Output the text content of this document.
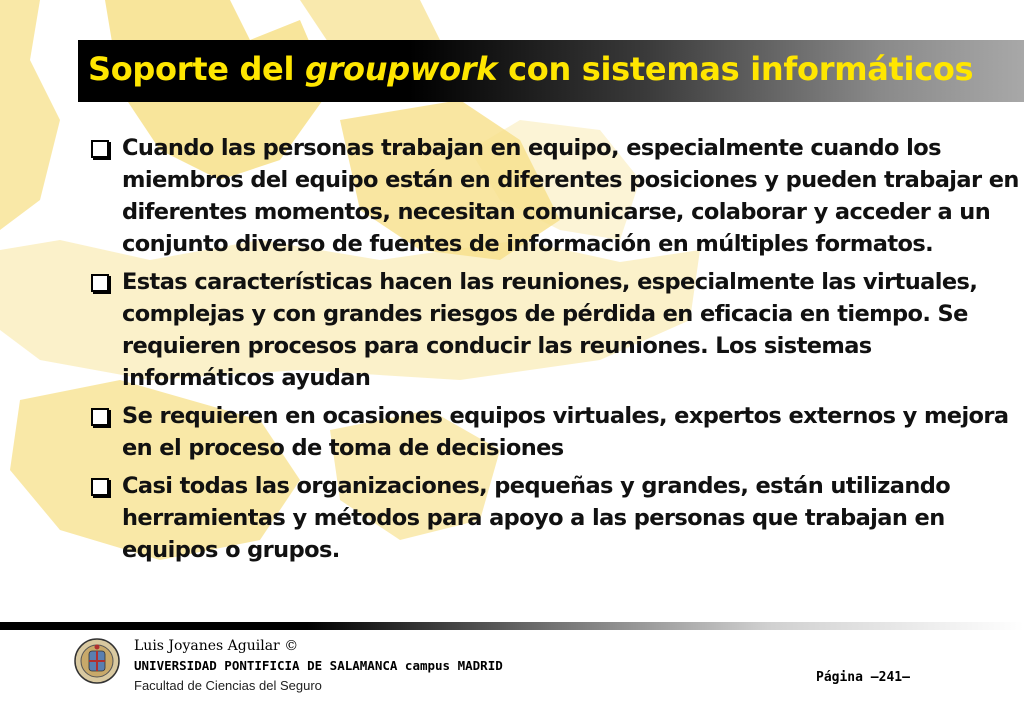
Soporte del groupwork con sistemas informáticos
Cuando las personas trabajan en equipo, especialmente cuando los miembros del equipo están en diferentes posiciones y pueden trabajar en diferentes momentos, necesitan comunicarse, colaborar y acceder a un conjunto diverso de fuentes de información en múltiples formatos.
Estas características hacen las reuniones, especialmente las virtuales, complejas y con grandes riesgos de pérdida en eficacia en tiempo. Se requieren procesos para conducir las reuniones. Los sistemas informáticos ayudan
Se requieren en ocasiones equipos virtuales, expertos externos y mejora en el proceso de toma de decisiones
Casi todas las organizaciones, pequeñas y grandes, están utilizando herramientas y métodos para apoyo a las personas que trabajan en equipos o grupos.

Luis Joyanes Aguilar ©

UNIVERSIDAD PONTIFICIA DE SALAMANCA campus MADRID

Facultad de Ciencias del Seguro

Página –241–
